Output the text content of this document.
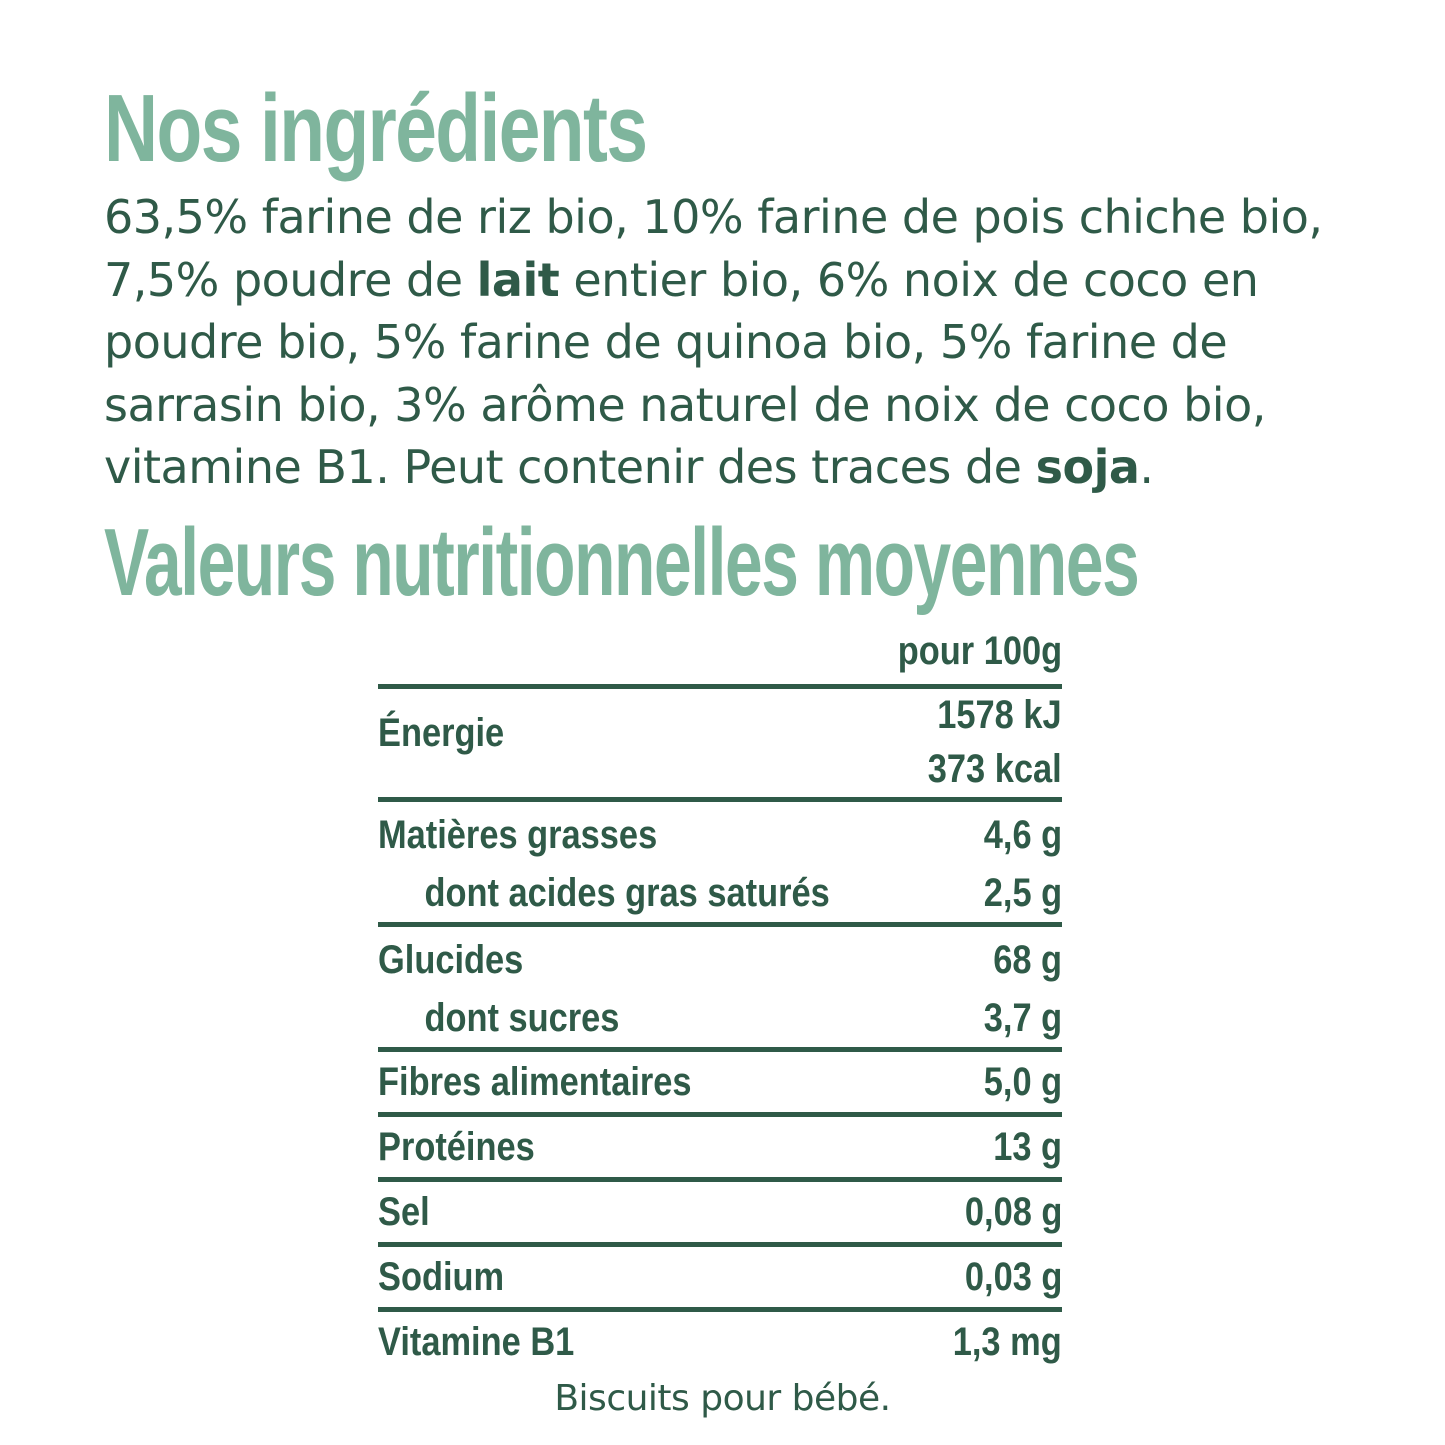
Nos ingrédients
63,5% farine de riz bio, 10% farine de pois chiche bio,
7,5% poudre de lait entier bio, 6% noix de coco en
poudre bio, 5% farine de quinoa bio, 5% farine de
sarrasin bio, 3% arôme naturel de noix de coco bio,
vitamine B1. Peut contenir des traces de soja.
Valeurs nutritionnelles moyennes
pour 100g
Énergie	1578 kJ
373 kcal
Matières grasses	4,6 g
dont acides gras saturés	2,5 g
Glucides	68 g
dont sucres	3,7 g
Fibres alimentaires	5,0 g
Protéines	13 g
Sel	0,08 g
Sodium	0,03 g
Vitamine B1	1,3 mg
Biscuits pour bébé.
